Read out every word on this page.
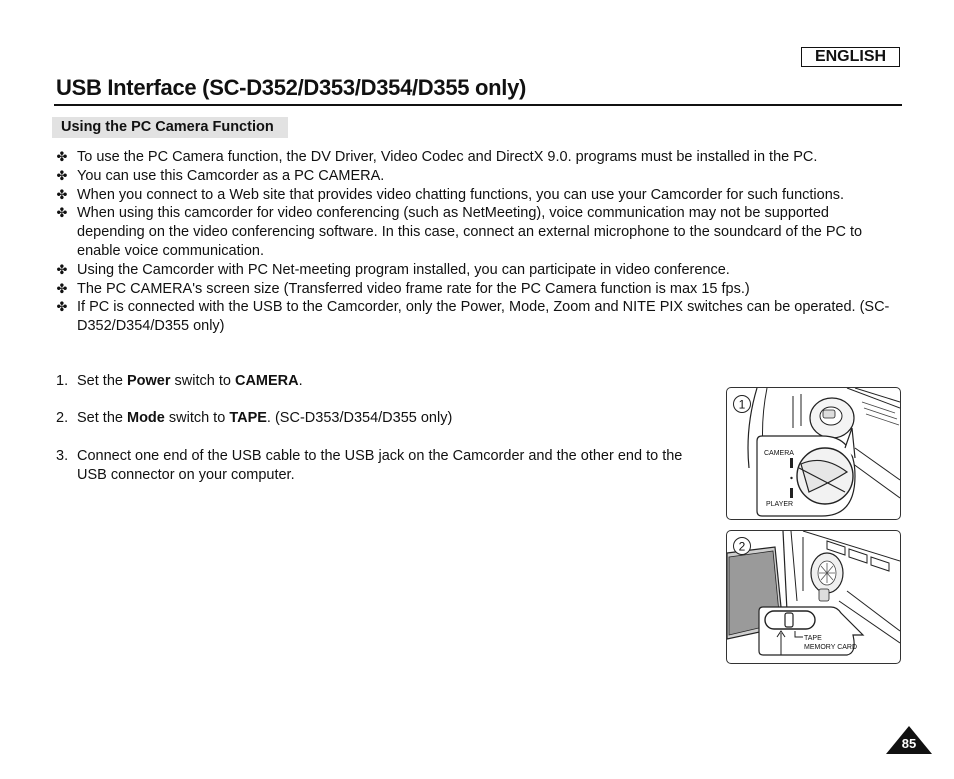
ENGLISH
USB Interface (SC-D352/D353/D354/D355 only)
Using the PC Camera Function
✤ To use the PC Camera function, the DV Driver, Video Codec and DirectX 9.0. programs must be installed in the PC.
✤ You can use this Camcorder as a PC CAMERA.
✤ When you connect to a Web site that provides video chatting functions, you can use your Camcorder for such functions.
✤ When using this camcorder for video conferencing (such as NetMeeting), voice communication may not be supported depending on the video conferencing software. In this case, connect an external microphone to the soundcard of the PC to enable voice communication.
✤ Using the Camcorder with PC Net-meeting program installed, you can participate in video conference.
✤ The PC CAMERA's screen size (Transferred video frame rate for the PC Camera function is max 15 fps.)
✤ If PC is connected with the USB to the Camcorder, only the Power, Mode, Zoom and NITE PIX switches can be operated. (SC-D352/D354/D355 only)
1. Set the Power switch to CAMERA.
2. Set the Mode switch to TAPE. (SC-D353/D354/D355 only)
3. Connect one end of the USB cable to the USB jack on the Camcorder and the other end to the USB connector on your computer.
1
CAMERA
PLAYER
2
TAPE
MEMORY CARD
85
